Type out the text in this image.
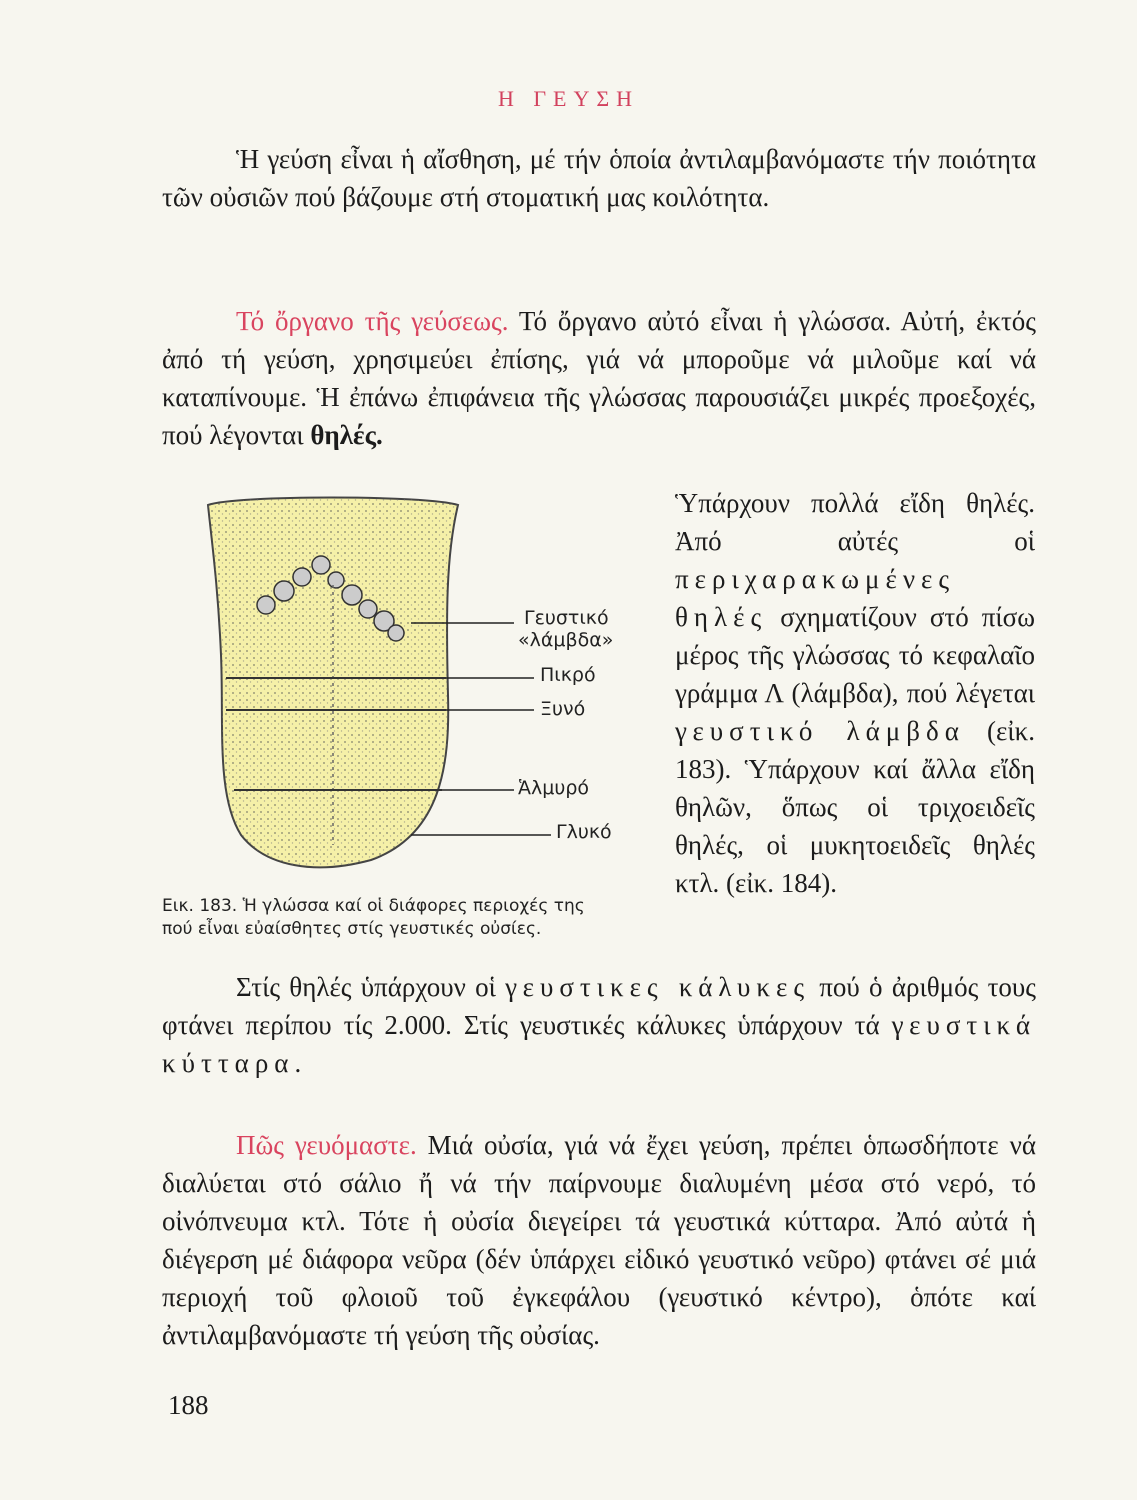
Η ΓΕΥΣΗ

Ἡ γεύση εἶναι ἡ αἴσθηση, μέ τήν ὁποία ἀντιλαμβανόμαστε τήν ποιότητα τῶν οὐσιῶν πού βάζουμε στή στοματική μας κοιλότητα.

Τό ὄργανο τῆς γεύσεως. Τό ὄργανο αὐτό εἶναι ἡ γλώσσα. Αὐτή, ἐκτός ἀπό τή γεύση, χρησιμεύει ἐπίσης, γιά νά μποροῦμε νά μιλοῦμε καί νά καταπίνουμε. Ἡ ἐπάνω ἐπιφάνεια τῆς γλώσσας παρουσιάζει μικρές προεξοχές, πού λέγονται θηλές.

Γευστικό
«λάμβδα»
Πικρό
Ξυνό
Ἁλμυρό
Γλυκό
Εικ. 183. Ἡ γλώσσα καί οἱ διάφορες περιοχές της
πού εἶναι εὐαίσθητες στίς γευστικές οὐσίες.

Ὑπάρχουν πολλά εἴδη θηλές. Ἀπό αὐτές οἱ περιχαρακωμένες θηλές σχηματίζουν στό πίσω μέρος τῆς γλώσσας τό κεφαλαῖο γράμμα Λ (λάμβδα), πού λέγεται γευστικό λάμβδα (εἰκ. 183). Ὑπάρχουν καί ἄλλα εἴδη θηλῶν, ὅπως οἱ τριχοειδεῖς θηλές, οἱ μυκητοειδεῖς θηλές κτλ. (εἰκ. 184).

Στίς θηλές ὑπάρχουν οἱ γευστικες κάλυκες πού ὁ ἀριθμός τους φτάνει περίπου τίς 2.000. Στίς γευστικές κάλυκες ὑπάρχουν τά γευστικά κύτταρα.

Πῶς γευόμαστε. Μιά οὐσία, γιά νά ἔχει γεύση, πρέπει ὁπωσδήποτε νά διαλύεται στό σάλιο ἤ νά τήν παίρνουμε διαλυμένη μέσα στό νερό, τό οἰνόπνευμα κτλ. Τότε ἡ οὐσία διεγείρει τά γευστικά κύτταρα. Ἀπό αὐτά ἡ διέγερση μέ διάφορα νεῦρα (δέν ὑπάρχει εἰδικό γευστικό νεῦρο) φτάνει σέ μιά περιοχή τοῦ φλοιοῦ τοῦ ἐγκεφάλου (γευστικό κέντρο), ὁπότε καί ἀντιλαμβανόμαστε τή γεύση τῆς οὐσίας.

188
